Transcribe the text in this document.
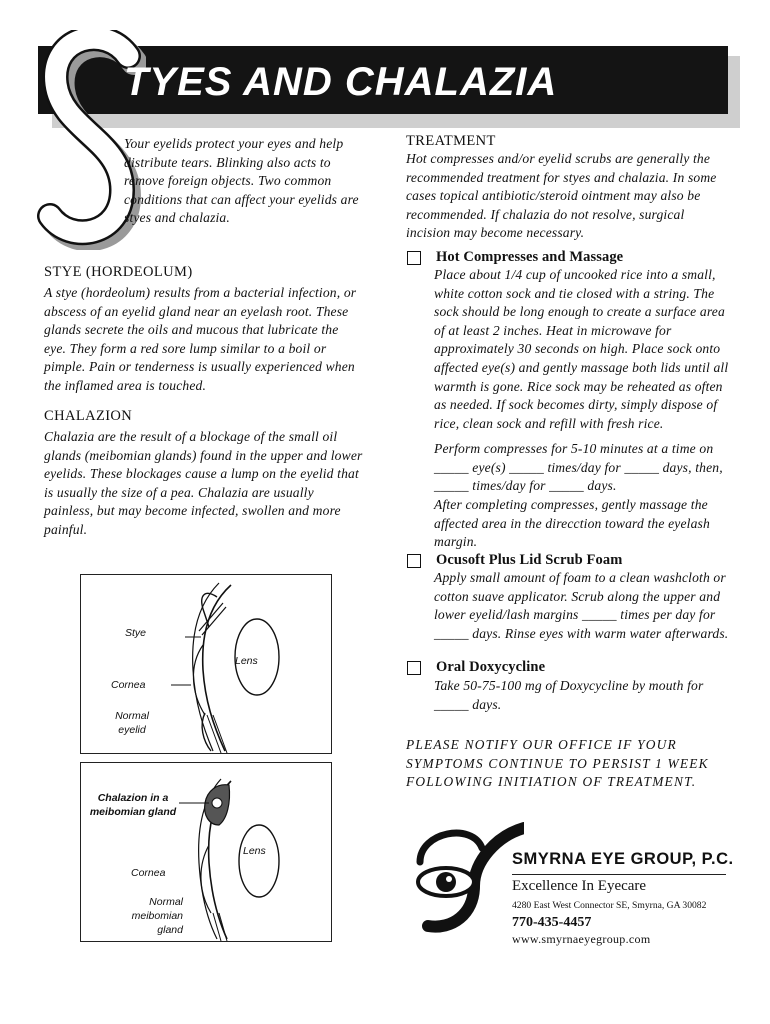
S
TYES AND CHALAZIA
Your eyelids protect your eyes and help distribute tears. Blinking also acts to remove foreign objects. Two common conditions that can affect your eyelids are styes and chalazia.
STYE (HORDEOLUM)
A stye (hordeolum) results from a bacterial infection, or abscess of an eyelid gland near an eyelash root. These glands secrete the oils and mucous that lubricate the eye. They form a red sore lump similar to a boil or pimple. Pain or tenderness is usually experienced when the inflamed area is touched.
CHALAZION
Chalazia are the result of a blockage of the small oil glands (meibomian glands) found in the upper and lower eyelids. These blockages cause a lump on the eyelid that is usually the size of a pea. Chalazia are usually painless, but may become infected, swollen and more painful.
Stye
Lens
Cornea
Normal eyelid
Chalazion in a meibomian gland
Lens
Cornea
Normal meibomian gland
TREATMENT
Hot compresses and/or eyelid scrubs are generally the recommended treatment for styes and chalazia. In some cases topical antibiotic/steroid ointment may also be recommended. If chalazia do not resolve, surgical incision may become necessary.
Hot Compresses and Massage
Place about 1/4 cup of uncooked rice into a small, white cotton sock and tie closed with a string. The sock should be long enough to create a surface area of at least 2 inches. Heat in microwave for approximately 30 seconds on high. Place sock onto affected eye(s) and gently massage both lids until all warmth is gone. Rice sock may be reheated as often as needed. If sock becomes dirty, simply dispose of rice, clean sock and refill with fresh rice.
Perform compresses for 5-10 minutes at a time on _____ eye(s) _____ times/day for _____ days, then, _____ times/day for _____ days.
After completing compresses, gently massage the affected area in the direcction toward the eyelash margin.
Ocusoft Plus Lid Scrub Foam
Apply small amount of foam to a clean washcloth or cotton suave applicator. Scrub along the upper and lower eyelid/lash margins _____ times per day for _____ days. Rinse eyes with warm water afterwards.
Oral Doxycycline
Take 50-75-100 mg of Doxycycline by mouth for _____ days.
PLEASE NOTIFY OUR OFFICE IF YOUR SYMPTOMS CONTINUE TO PERSIST 1 WEEK FOLLOWING INITIATION OF TREATMENT.
SMYRNA EYE GROUP, P.C.
Excellence In Eyecare
4280 East West Connector SE, Smyrna, GA 30082
770-435-4457
www.smyrnaeyegroup.com
